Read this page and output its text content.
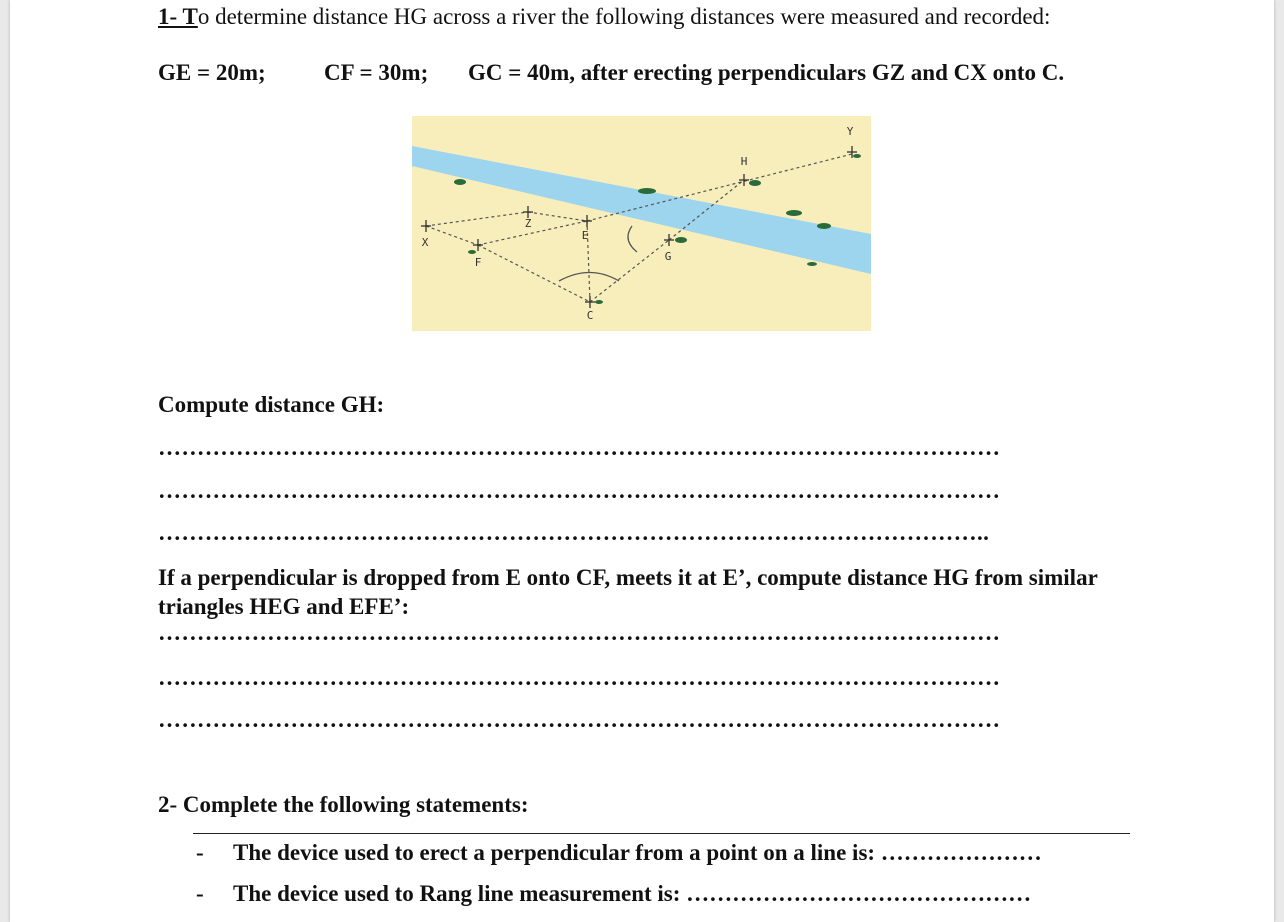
1- To determine distance HG across a river the following distances were measured and recorded:
GE = 20m;	CF = 30m; GC = 40m, after erecting perpendiculars GZ and CX onto C.
Y
H
Z
E
X
F	G
C
Compute distance GH:
………………………………………………………………………………………………
………………………………………………………………………………………………
……………………………………………………………………………………………..
If a perpendicular is dropped from E onto CF, meets it at E’, compute distance HG from similar triangles HEG and EFE’:
………………………………………………………………………………………………
………………………………………………………………………………………………
………………………………………………………………………………………………
2- Complete the following statements:
- The device used to erect a perpendicular from a point on a line is: …………………
- The device used to Rang line measurement is: ………………………………………
